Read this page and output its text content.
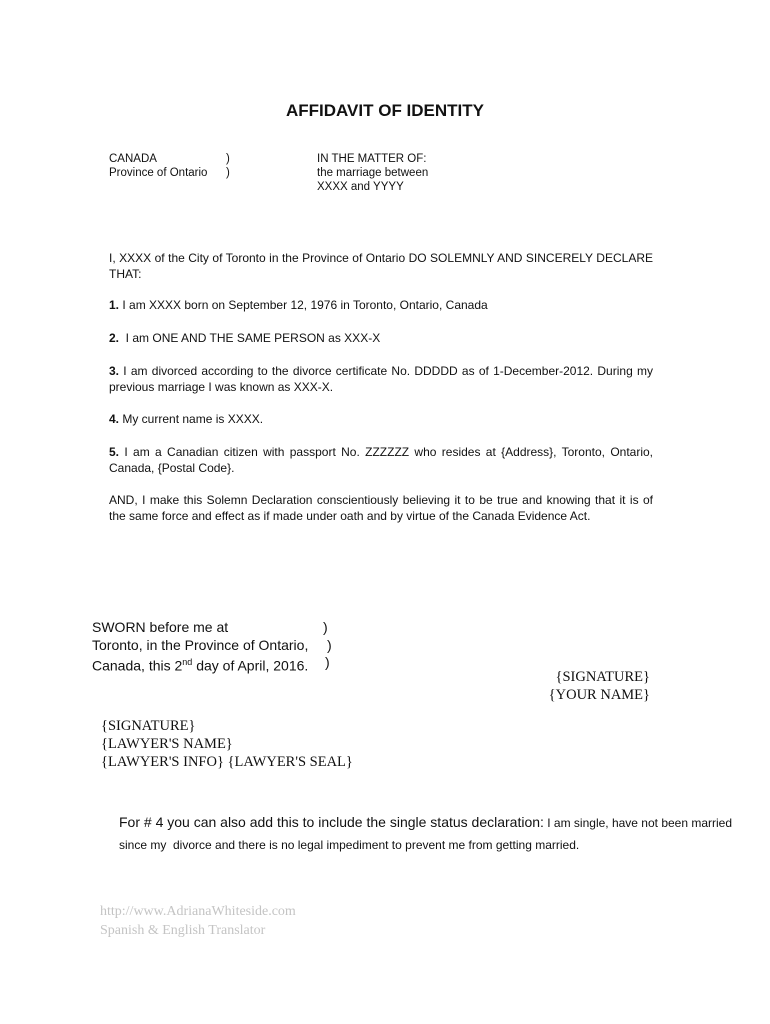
AFFIDAVIT OF IDENTITY
CANADA
Province of Ontario
)
)
IN THE MATTER OF:
the marriage between
XXXX and YYYY
I, XXXX of the City of Toronto in the Province of Ontario DO SOLEMNLY AND SINCERELY DECLARE THAT:
1. I am XXXX born on September 12, 1976 in Toronto, Ontario, Canada
2.  I am ONE AND THE SAME PERSON as XXX-X
3. I am divorced according to the divorce certificate No. DDDDD as of 1-December-2012. During my previous marriage I was known as XXX-X.
4. My current name is XXXX.
5. I am a Canadian citizen with passport No. ZZZZZZ who resides at {Address}, Toronto, Ontario, Canada, {Postal Code}.
AND, I make this Solemn Declaration conscientiously believing it to be true and knowing that it is of the same force and effect as if made under oath and by virtue of the Canada Evidence Act.
SWORN before me at
Toronto, in the Province of Ontario,
Canada, this 2nd day of April, 2016.
)
)
)
{SIGNATURE}
{YOUR NAME}
{SIGNATURE}
{LAWYER'S NAME}
{LAWYER'S INFO} {LAWYER'S SEAL}
For # 4 you can also add this to include the single status declaration: I am single, have not been married since my  divorce and there is no legal impediment to prevent me from getting married.
http://www.AdrianaWhiteside.com
Spanish & English Translator
